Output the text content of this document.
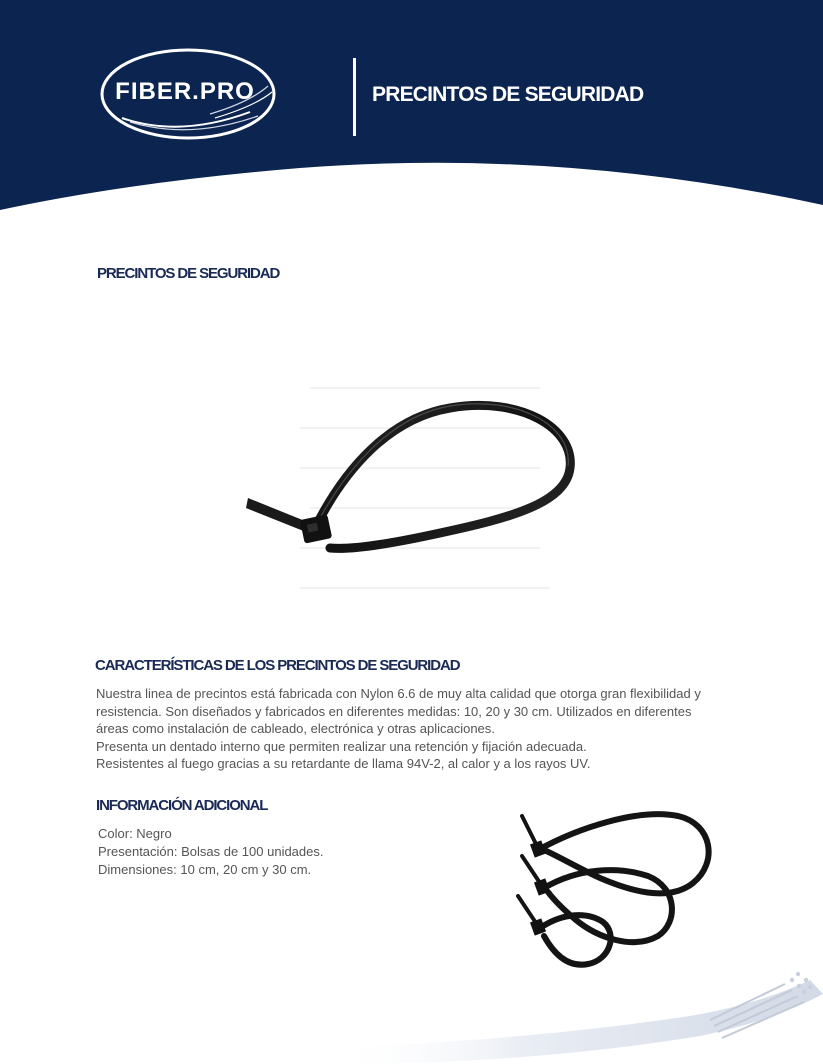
FIBER.PRO	PRECINTOS DE SEGURIDAD
PRECINTOS DE SEGURIDAD
CARACTERÍSTICAS DE LOS PRECINTOS DE SEGURIDAD
Nuestra linea de precintos está fabricada con Nylon 6.6 de muy alta calidad que otorga gran flexibilidad y
resistencia. Son diseñados y fabricados en diferentes medidas: 10, 20 y 30 cm. Utilizados en diferentes
áreas como instalación de cableado, electrónica y otras aplicaciones.
Presenta un dentado interno que permiten realizar una retención y fijación adecuada.
Resistentes al fuego gracias a su retardante de llama 94V-2, al calor y a los rayos UV.
INFORMACIÓN ADICIONAL
Color: Negro
Presentación: Bolsas de 100 unidades.
Dimensiones: 10 cm, 20 cm y 30 cm.
